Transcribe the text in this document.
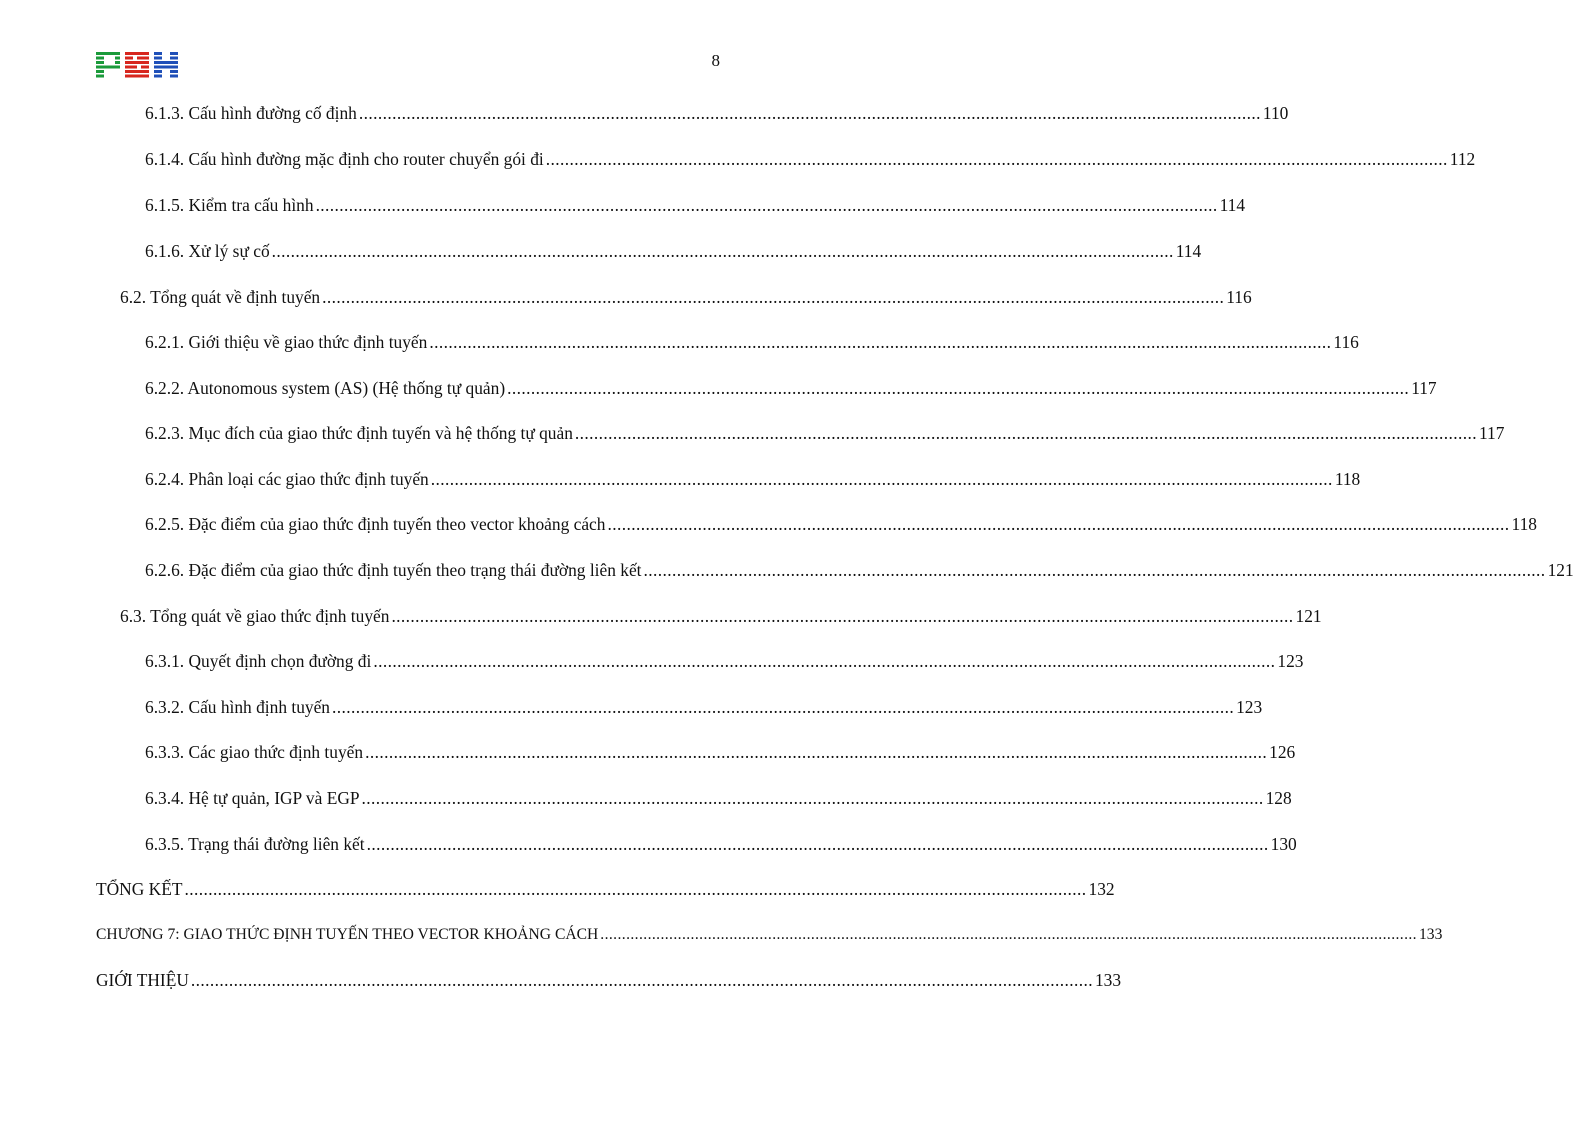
8
6.1.3. Cấu hình đường cố định .............................................................................................................................................................................................. 110
6.1.4. Cấu hình đường mặc định cho router chuyển gói đi .............................................................................................................................................................................................. 112
6.1.5. Kiểm tra cấu hình .............................................................................................................................................................................................. 114
6.1.6. Xử lý sự cố .............................................................................................................................................................................................. 114
6.2. Tổng quát về định tuyến .............................................................................................................................................................................................. 116
6.2.1. Giới thiệu về giao thức định tuyến .............................................................................................................................................................................................. 116
6.2.2. Autonomous system (AS) (Hệ thống tự quản) .............................................................................................................................................................................................. 117
6.2.3. Mục đích của giao thức định tuyến và hệ thống tự quản .............................................................................................................................................................................................. 117
6.2.4. Phân loại các giao thức định tuyến .............................................................................................................................................................................................. 118
6.2.5. Đặc điểm của giao thức định tuyến theo vector khoảng cách .............................................................................................................................................................................................. 118
6.2.6. Đặc điểm của giao thức định tuyến theo trạng thái đường liên kết .............................................................................................................................................................................................. 121
6.3. Tổng quát về giao thức định tuyến .............................................................................................................................................................................................. 121
6.3.1. Quyết định chọn đường đi .............................................................................................................................................................................................. 123
6.3.2. Cấu hình định tuyến .............................................................................................................................................................................................. 123
6.3.3. Các giao thức định tuyến .............................................................................................................................................................................................. 126
6.3.4. Hệ tự quản, IGP và EGP .............................................................................................................................................................................................. 128
6.3.5. Trạng thái đường liên kết .............................................................................................................................................................................................. 130
TỔNG KẾT .............................................................................................................................................................................................. 132
CHƯƠNG 7: GIAO THỨC ĐỊNH TUYẾN THEO VECTOR KHOẢNG CÁCH .............................................................................................................................................................................................. 133
GIỚI THIỆU .............................................................................................................................................................................................. 133
